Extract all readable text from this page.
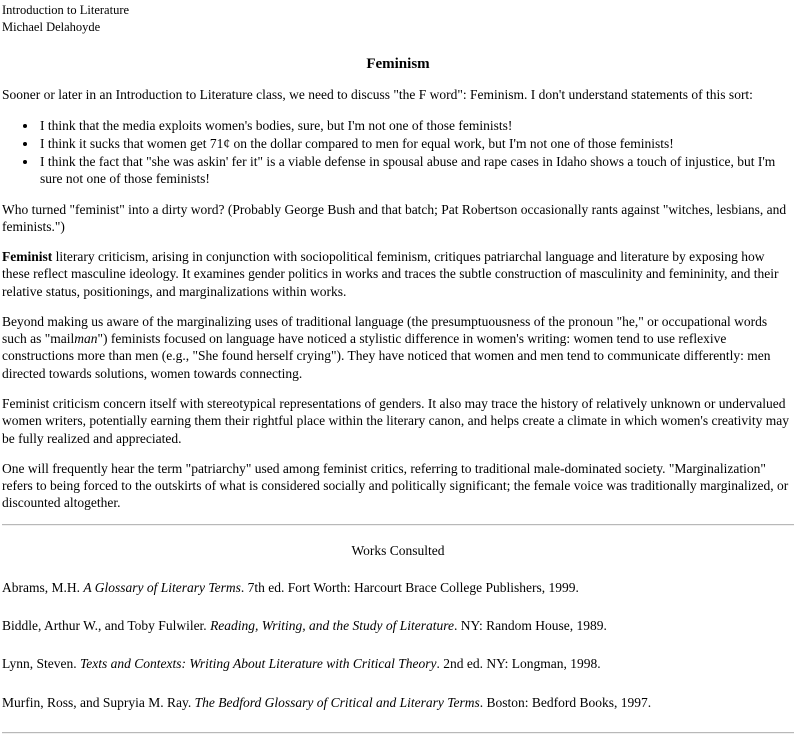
Introduction to Literature
Michael Delahoyde
Feminism

Sooner or later in an Introduction to Literature class, we need to discuss "the F word": Feminism. I don't understand statements of this sort:

• I think that the media exploits women's bodies, sure, but I'm not one of those feminists!
• I think it sucks that women get 71¢ on the dollar compared to men for equal work, but I'm not one of those feminists!
• I think the fact that "she was askin' fer it" is a viable defense in spousal abuse and rape cases in Idaho shows a touch of injustice, but I'm sure not one of those feminists!

Who turned "feminist" into a dirty word? (Probably George Bush and that batch; Pat Robertson occasionally rants against "witches, lesbians, and feminists.")

Feminist literary criticism, arising in conjunction with sociopolitical feminism, critiques patriarchal language and literature by exposing how these reflect masculine ideology. It examines gender politics in works and traces the subtle construction of masculinity and femininity, and their relative status, positionings, and marginalizations within works.

Beyond making us aware of the marginalizing uses of traditional language (the presumptuousness of the pronoun "he," or occupational words such as "mailman") feminists focused on language have noticed a stylistic difference in women's writing: women tend to use reflexive constructions more than men (e.g., "She found herself crying"). They have noticed that women and men tend to communicate differently: men directed towards solutions, women towards connecting.

Feminist criticism concern itself with stereotypical representations of genders. It also may trace the history of relatively unknown or undervalued women writers, potentially earning them their rightful place within the literary canon, and helps create a climate in which women's creativity may be fully realized and appreciated.

One will frequently hear the term "patriarchy" used among feminist critics, referring to traditional male-dominated society. "Marginalization" refers to being forced to the outskirts of what is considered socially and politically significant; the female voice was traditionally marginalized, or discounted altogether.

Works Consulted

Abrams, M.H. A Glossary of Literary Terms. 7th ed. Fort Worth: Harcourt Brace College Publishers, 1999.

Biddle, Arthur W., and Toby Fulwiler. Reading, Writing, and the Study of Literature. NY: Random House, 1989.

Lynn, Steven. Texts and Contexts: Writing About Literature with Critical Theory. 2nd ed. NY: Longman, 1998.

Murfin, Ross, and Supryia M. Ray. The Bedford Glossary of Critical and Literary Terms. Boston: Bedford Books, 1997.
